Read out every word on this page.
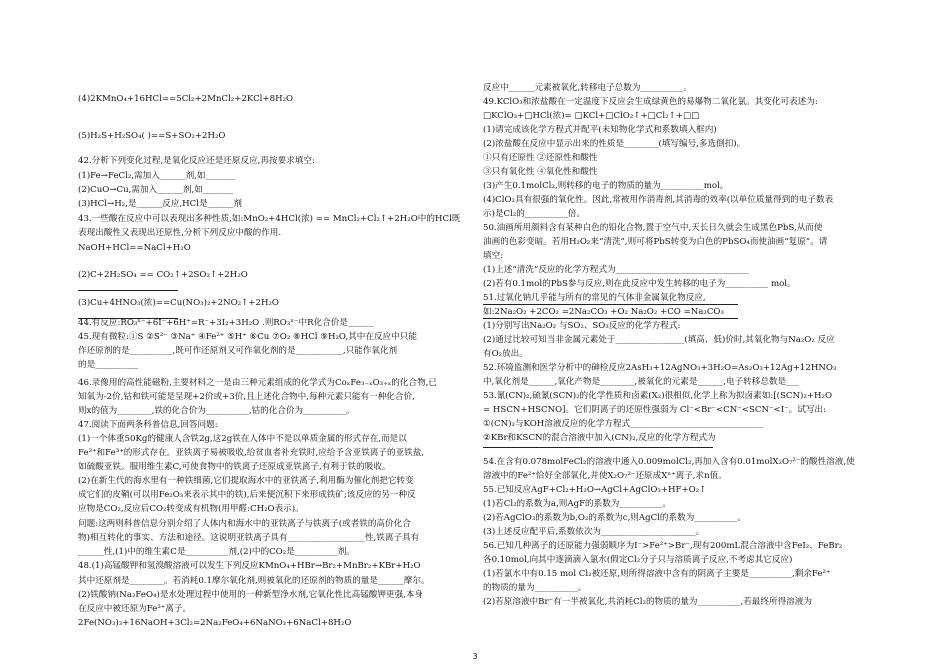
(4)2KMnO₄+16HCl==5Cl₂+2MnCl₂+2KCl+8H₂O
(5)H₂S+H₂SO₄( )==S+SO₂+2H₂O
42.分析下列变化过程,是氧化反应还是还原反应,再按要求填空:
(1)Fe→FeCl₂,需加入______剂,如_______
(2)CuO→Cu,需加入______剂,如_______
(3)HCl→H₂,是______反应,HCl是______剂
43.一些酸在反应中可以表现出多种性质,如:MnO₂+4HCl(浓) == MnCl₂+Cl₂↑+2H₂O中的HCl既
表现出酸性又表现出还原性,分析下列反应中酸的作用.
NaOH+HCl==NaCl+H₂O
(2)C+2H₂SO₄ == CO₂↑+2SO₂↑+2H₂O
(3)Cu+4HNO₃(浓)==Cu(NO₃)₂+2NO₂↑+2H₂O
44.有反应:RO₃ⁿ⁻+6I⁻+6H⁺=R⁻+3I₂+3H₂O .则RO₃ⁿ⁻中R化合价是______
45.现有微粒:①S ②S²⁻ ③Na⁺ ④Fe²⁺ ⑤H⁺ ⑥Cu ⑦O₂ ⑧HCl ⑨H₂O,其中在反应中只能
作还原剂的是__________,既可作还原剂又可作氧化剂的是___________,只能作氧化剂
的是__________
46.录像用的高性能磁粉,主要材料之一是由三种元素组成的化学式为CoₓFe₃₋ₓO₃₊ₓ的化合物,已
知氧为-2价,钴和铁可能是呈现+2价或+3价,且上述化合物中,每种元素只能有一种化合价,
则x的值为________,铁的化合价为__________,钴的化合价为__________。
47.阅读下面两条科普信息,回答问题:
(1)一个体重50Kg的健康人含铁2g,这2g铁在人体中不是以单质金属的形式存在,而是以
Fe²⁺和Fe³⁺的形式存在。亚铁离子易被吸收,给贫血者补充铁时,应给予含亚铁离子的亚铁盐,
如硫酸亚铁。服用维生素C,可使食物中的铁离子还原成亚铁离子,有利于铁的吸收。
(2)在新生代的海水里有一种铁细菌,它们提取海水中的亚铁离子,利用酶为催化剂把它转变
成它们的皮鞘(可以用Fe₂O₃来表示其中的铁),后来便沉积下来形成铁矿;该反应的另一种反
应物是CO₂,反应后CO₂转变成有机物(用甲醛:CH₂O表示)。
问题:这两则科普信息分别介绍了人体内和海水中的亚铁离子与铁离子(或者铁的高价化合
物)相互转化的事实、方法和途径。这说明亚铁离子具有__________________性,铁离子具有
______性,(1)中的维生素C是__________剂,(2)中的CO₂是__________剂。
48.(1)高锰酸钾和氢溴酸溶液可以发生下列反应KMnO₄+HBr→Br₂+MnBr₂+KBr+H₂O
其中还原剂是________。若消耗0.1摩尔氧化剂,则被氧化的还原剂的物质的量是______摩尔。
(2)铁酸钠(Na₂FeO₄)是水处理过程中使用的一种新型净水剂,它氧化性比高锰酸钾更强,本身
在反应中被还原为Fe³⁺离子。
2Fe(NO₃)₃+16NaOH+3Cl₂=2Na₂FeO₄+6NaNO₃+6NaCl+8H₂O
反应中______元素被氧化,转移电子总数为__________。
49.KClO₃和浓盐酸在一定温度下反应会生成绿黄色的易爆物二氧化氯。其变化可表述为:
□KClO₃+□HCl(浓)= □KCl+□ClO₂↑+□Cl₂↑+□□
(1)请完成该化学方程式并配平(未知物化学式和系数填入框内)
(2)浓盐酸在反应中显示出来的性质是________(填写编号,多选倒扣)。
①只有还原性 ②还原性和酸性
③只有氧化性 ④氧化性和酸性
(3)产生0.1molCl₂,则转移的电子的物质的量为__________mol。
(4)ClO₂具有很强的氧化性。因此,常被用作消毒剂,其消毒的效率(以单位质量得到的电子数表
示)是Cl₂的__________倍。
50.油画所用颜料含有某种白色的铅化合物,置于空气中,天长日久就会生成黑色PbS,从而使
油画的色彩变暗。若用H₂O₂来“清洗”,则可将PbS转变为白色的PbSO₄而使油画“复原”。请
填空:
(1)上述“清洗”反应的化学方程式为_______________________________
(2)若有0.1mol的PbS参与反应,则在此反应中发生转移的电子为__________ mol。
51.过氧化钠几乎能与所有的常见的气体非金属氧化物反应,
如:2Na₂O₂ +2CO₂ =2Na₂CO₃ +O₂ Na₂O₂ +CO =Na₂CO₃
(1)分别写出Na₂O₂ 与SO₂、SO₃反应的化学方程式:
(2)通过比较可知当非金属元素处于________________(填高、低)价时,其氧化物与Na₂O₂ 反应
有O₂放出。
52.环境监测和医学分析中的砷检反应2AsH₃+12AgNO₃+3H₂O=As₂O₃+12Ag+12HNO₃
中,氧化剂是______,氧化产物是________,被氧化的元素是______,电子转移总数是___
53.氰(CN)₂,硫氰(SCN)₂的化学性质和卤素(X₂)很相似,化学上称为拟卤素如:[(SCN)₂+H₂O
= HSCN+HSCNO]。它们阴离子的还原性强弱为 Cl⁻<Br⁻<CN⁻<SCN⁻<I⁻。试写出:
①(CN)₂与KOH溶液反应的化学方程式_______________________________
②KBr和KSCN的混合溶液中加入(CN)₂,反应的化学方程式为
54.在含有0.078molFeCl₂的溶液中通入0.009molCl₂,再加入含有0.01molX₂O₇²⁻的酸性溶液,使
溶液中的Fe²⁺恰好全部氧化,并使X₂O₇²⁻还原成Xⁿ⁺离子,求n值。
55.已知反应AgF+Cl₂+H₂O→AgCl+AgClO₃+HF+O₂↑
(1)若Cl₂的系数为a,则AgF的系数为__________。
(2)若AgClO₃的系数为b,O₂的系数为c,则AgCl的系数为__________。
(3)上述反应配平后,系数依次为______________________。
56.已知几种离子的还原能力强弱顺序为I⁻>Fe²⁺>Br⁻,现有200mL混合溶液中含FeI₂、FeBr₂
各0.10mol,向其中逐滴滴入氯水(假定Cl₂分子只与溶质离子反应,不考虑其它反应)
(1)若氯水中有0.15 mol Cl₂被还原,则所得溶液中含有的阴离子主要是__________,剩余Fe²⁺
的物质的量为__________。
(2)若原溶液中Br⁻有一半被氧化,共消耗Cl₂的物质的量为__________,若最终所得溶液为
3
